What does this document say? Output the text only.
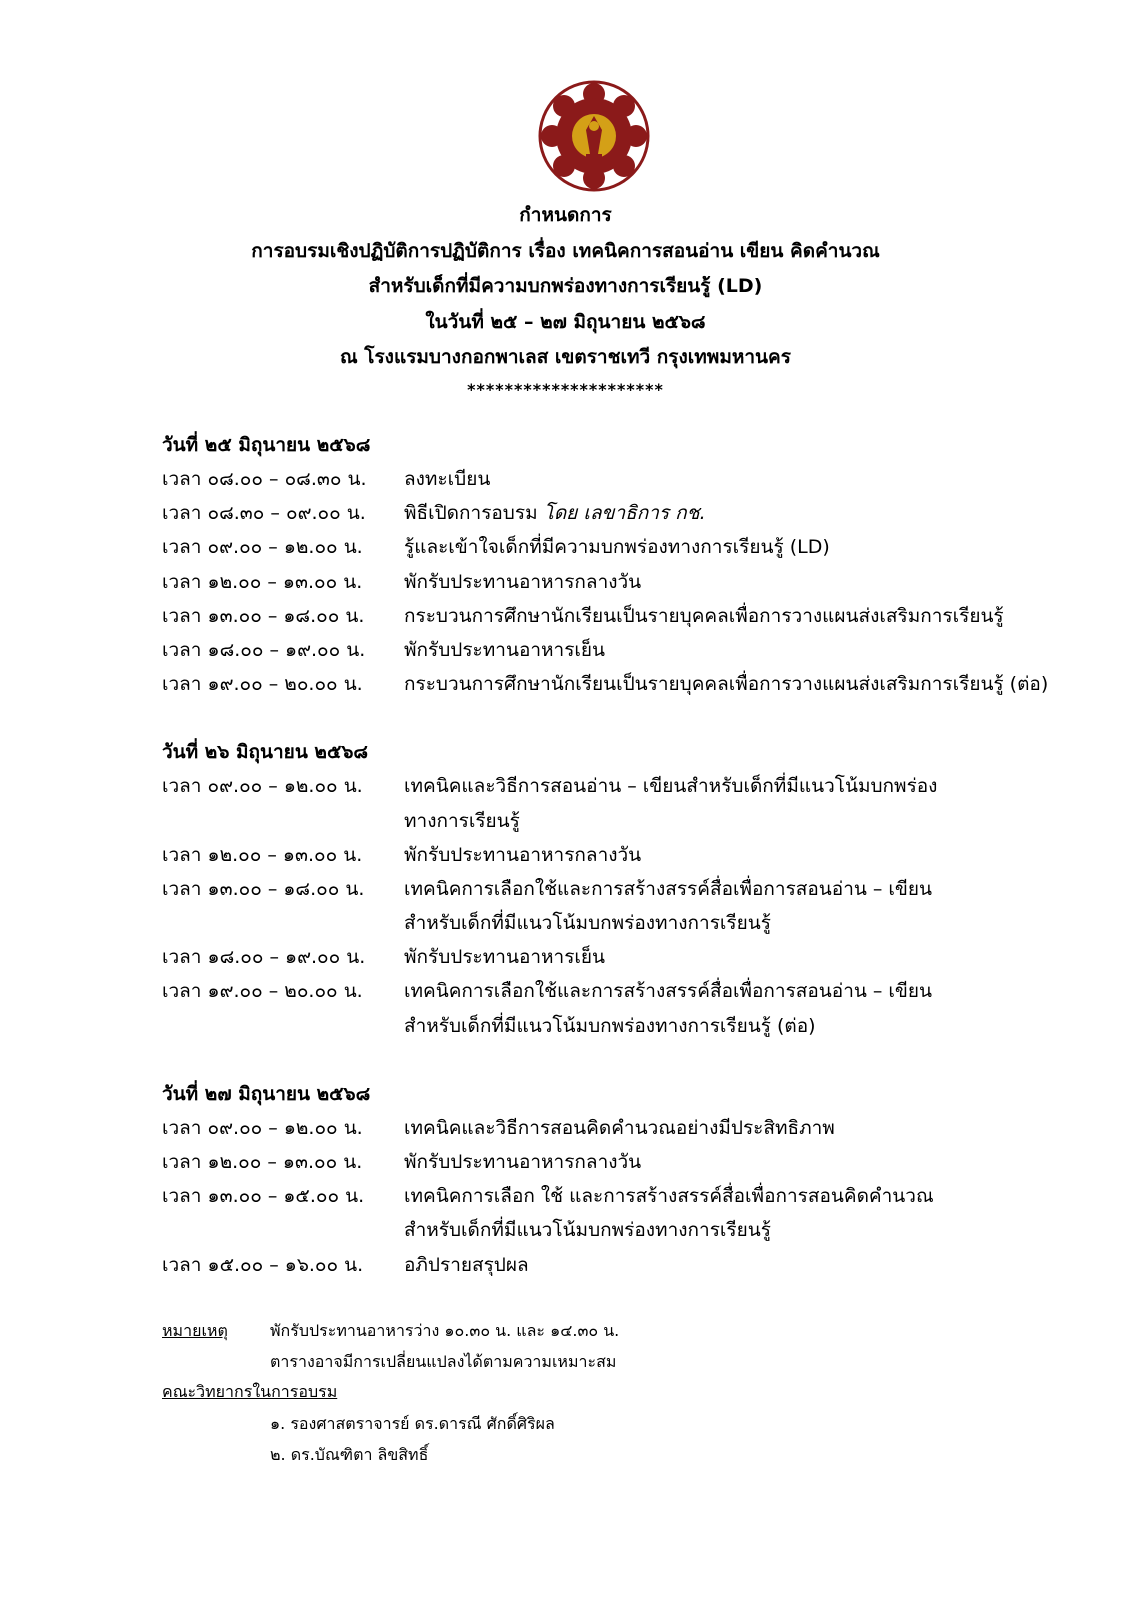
กำหนดการ
การอบรมเชิงปฏิบัติการปฏิบัติการ เรื่อง เทคนิคการสอนอ่าน เขียน คิดคำนวณ
สำหรับเด็กที่มีความบกพร่องทางการเรียนรู้ (LD)
ในวันที่ ๒๕ – ๒๗ มิถุนายน ๒๕๖๘
ณ โรงแรมบางกอกพาเลส เขตราชเทวี กรุงเทพมหานคร
*********************
วันที่ ๒๕ มิถุนายน ๒๕๖๘
เวลา ๐๘.๐๐ – ๐๘.๓๐ น.	ลงทะเบียน
เวลา ๐๘.๓๐ – ๐๙.๐๐ น.	พิธีเปิดการอบรม โดย เลขาธิการ กช.
เวลา ๐๙.๐๐ – ๑๒.๐๐ น.	รู้และเข้าใจเด็กที่มีความบกพร่องทางการเรียนรู้ (LD)
เวลา ๑๒.๐๐ – ๑๓.๐๐ น.	พักรับประทานอาหารกลางวัน
เวลา ๑๓.๐๐ – ๑๘.๐๐ น.	กระบวนการศึกษานักเรียนเป็นรายบุคคลเพื่อการวางแผนส่งเสริมการเรียนรู้
เวลา ๑๘.๐๐ – ๑๙.๐๐ น.	พักรับประทานอาหารเย็น
เวลา ๑๙.๐๐ – ๒๐.๐๐ น.	กระบวนการศึกษานักเรียนเป็นรายบุคคลเพื่อการวางแผนส่งเสริมการเรียนรู้ (ต่อ)
วันที่ ๒๖ มิถุนายน ๒๕๖๘
เวลา ๐๙.๐๐ – ๑๒.๐๐ น.	เทคนิคและวิธีการสอนอ่าน – เขียนสำหรับเด็กที่มีแนวโน้มบกพร่อง
ทางการเรียนรู้
เวลา ๑๒.๐๐ – ๑๓.๐๐ น.	พักรับประทานอาหารกลางวัน
เวลา ๑๓.๐๐ – ๑๘.๐๐ น.	เทคนิคการเลือกใช้และการสร้างสรรค์สื่อเพื่อการสอนอ่าน – เขียน
สำหรับเด็กที่มีแนวโน้มบกพร่องทางการเรียนรู้
เวลา ๑๘.๐๐ – ๑๙.๐๐ น.	พักรับประทานอาหารเย็น
เวลา ๑๙.๐๐ – ๒๐.๐๐ น.	เทคนิคการเลือกใช้และการสร้างสรรค์สื่อเพื่อการสอนอ่าน – เขียน
สำหรับเด็กที่มีแนวโน้มบกพร่องทางการเรียนรู้ (ต่อ)
วันที่ ๒๗ มิถุนายน ๒๕๖๘
เวลา ๐๙.๐๐ – ๑๒.๐๐ น.	เทคนิคและวิธีการสอนคิดคำนวณอย่างมีประสิทธิภาพ
เวลา ๑๒.๐๐ – ๑๓.๐๐ น.	พักรับประทานอาหารกลางวัน
เวลา ๑๓.๐๐ – ๑๕.๐๐ น.	เทคนิคการเลือก ใช้ และการสร้างสรรค์สื่อเพื่อการสอนคิดคำนวณ
สำหรับเด็กที่มีแนวโน้มบกพร่องทางการเรียนรู้
เวลา ๑๕.๐๐ – ๑๖.๐๐ น.	อภิปรายสรุปผล
หมายเหตุ	พักรับประทานอาหารว่าง ๑๐.๓๐ น. และ ๑๔.๓๐ น.
ตารางอาจมีการเปลี่ยนแปลงได้ตามความเหมาะสม
คณะวิทยากรในการอบรม
๑. รองศาสตราจารย์ ดร.ดารณี ศักดิ์ศิริผล
๒. ดร.บัณฑิตา ลิขสิทธิ์
